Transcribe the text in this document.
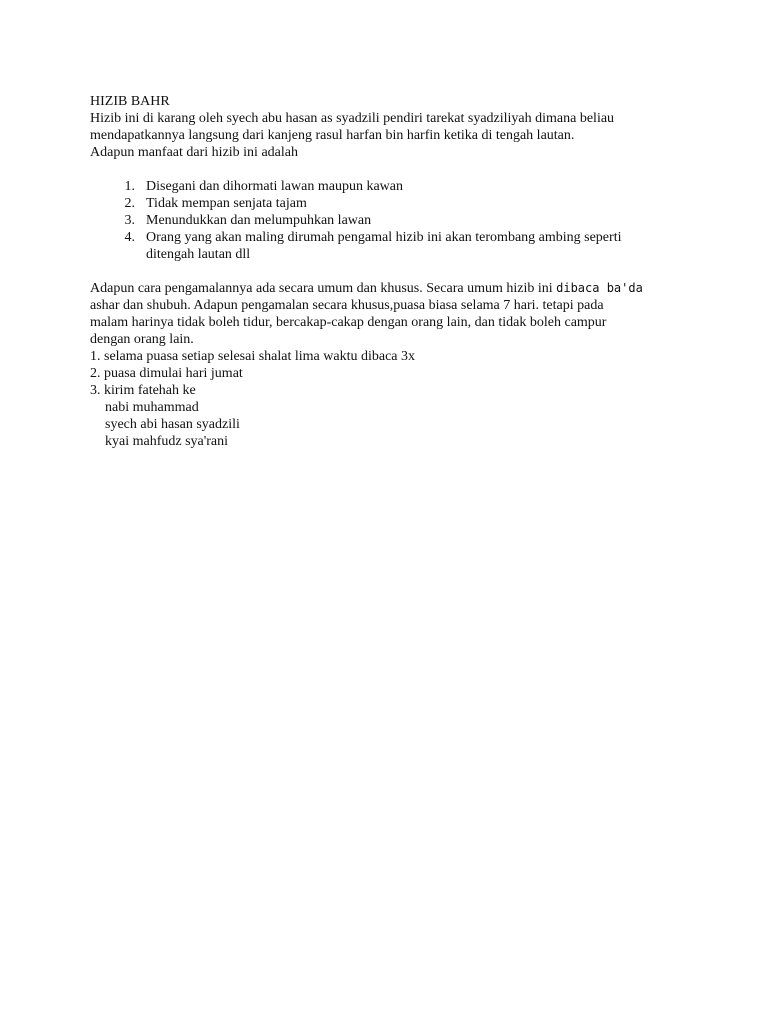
HIZIB BAHR
Hizib ini di karang oleh syech abu hasan as syadzili pendiri tarekat syadziliyah dimana beliau
mendapatkannya langsung dari kanjeng rasul harfan bin harfin ketika di tengah lautan.
Adapun manfaat dari hizib ini adalah
1. Disegani dan dihormati lawan maupun kawan
2. Tidak mempan senjata tajam
3. Menundukkan dan melumpuhkan lawan
4. Orang yang akan maling dirumah pengamal hizib ini akan terombang ambing seperti
ditengah lautan dll
Adapun cara pengamalannya ada secara umum dan khusus. Secara umum hizib ini dibaca ba'da
ashar dan shubuh. Adapun pengamalan secara khusus,puasa biasa selama 7 hari. tetapi pada
malam harinya tidak boleh tidur, bercakap-cakap dengan orang lain, dan tidak boleh campur
dengan orang lain.
1. selama puasa setiap selesai shalat lima waktu dibaca 3x
2. puasa dimulai hari jumat
3. kirim fatehah ke
nabi muhammad
syech abi hasan syadzili
kyai mahfudz sya'rani
